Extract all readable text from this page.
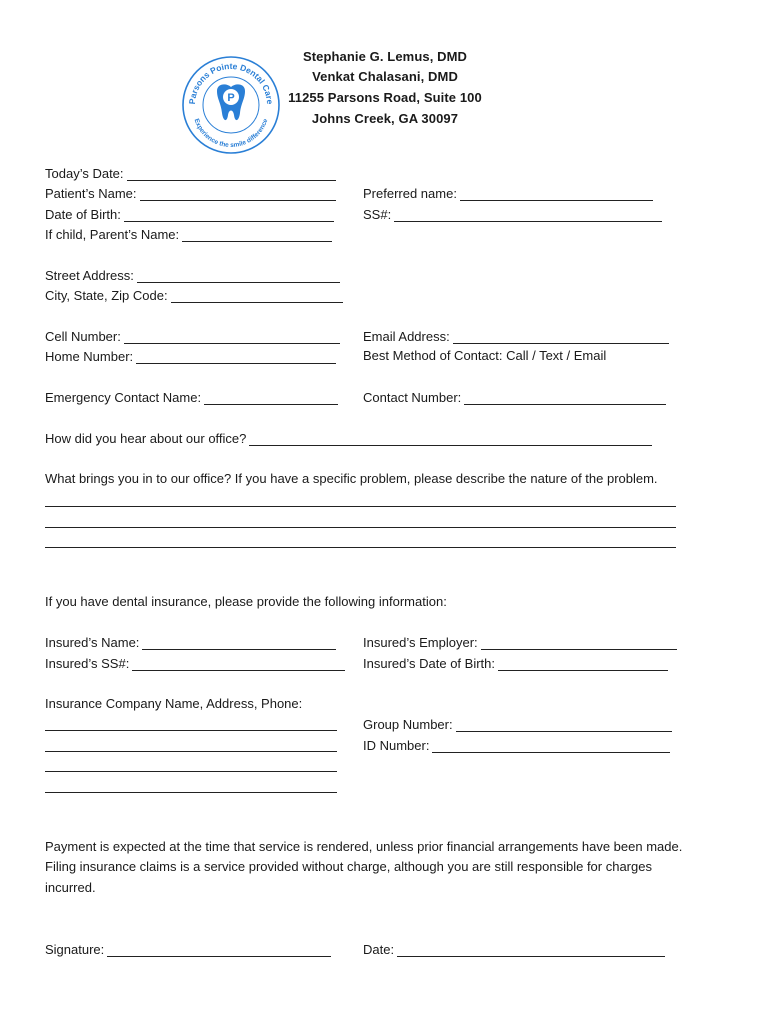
Parsons Pointe Dental Care
Experience the smile difference
P +
Stephanie G. Lemus, DMD
Venkat Chalasani, DMD
11255 Parsons Road, Suite 100
Johns Creek, GA 30097
Today’s Date:
Patient’s Name:	Preferred name:
Date of Birth:	SS#:
If child, Parent’s Name:
Street Address:
City, State, Zip Code:
Cell Number:	Email Address:
Home Number:	Best Method of Contact: Call / Text / Email
Emergency Contact Name:	Contact Number:
How did you hear about our office?
What brings you in to our office? If you have a specific problem, please describe the nature of the problem.
If you have dental insurance, please provide the following information:
Insured’s Name:	Insured’s Employer:
Insured’s SS#:	Insured’s Date of Birth:
Insurance Company Name, Address, Phone:
Group Number:
ID Number:
Payment is expected at the time that service is rendered, unless prior financial arrangements have been made.
Filing insurance claims is a service provided without charge, although you are still responsible for charges
incurred.
Signature:	Date:
